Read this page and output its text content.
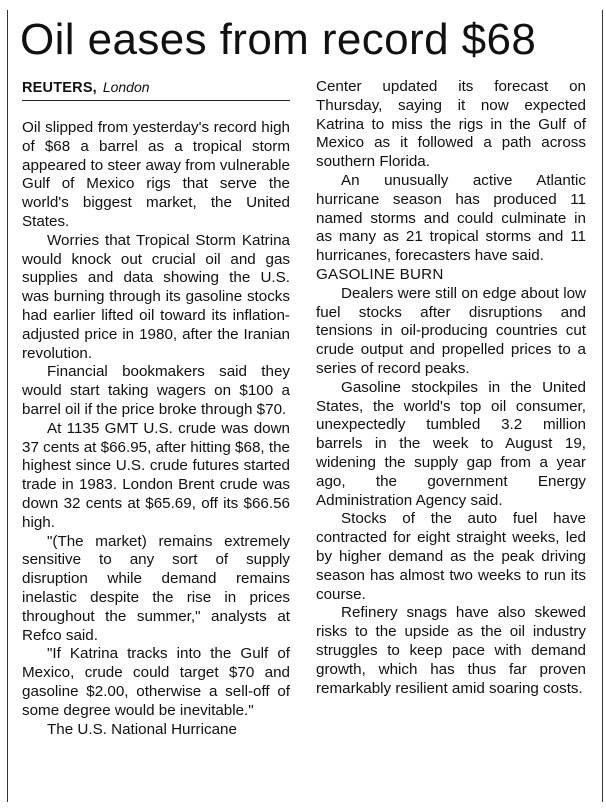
Oil eases from record $68
REUTERS, London

Oil slipped from yesterday's record high of $68 a barrel as a tropical storm appeared to steer away from vulnerable Gulf of Mexico rigs that serve the world's biggest market, the United States.

Worries that Tropical Storm Katrina would knock out crucial oil and gas supplies and data showing the U.S. was burning through its gasoline stocks had earlier lifted oil toward its inflation-adjusted price in 1980, after the Iranian revolution.

Financial bookmakers said they would start taking wagers on $100 a barrel oil if the price broke through $70.

At 1135 GMT U.S. crude was down 37 cents at $66.95, after hitting $68, the highest since U.S. crude futures started trade in 1983. London Brent crude was down 32 cents at $65.69, off its $66.56 high.

"(The market) remains extremely sensitive to any sort of supply disruption while demand remains inelastic despite the rise in prices throughout the summer," analysts at Refco said.

"If Katrina tracks into the Gulf of Mexico, crude could target $70 and gasoline $2.00, otherwise a sell-off of some degree would be inevitable."

The U.S. National Hurricane

Center updated its forecast on Thursday, saying it now expected Katrina to miss the rigs in the Gulf of Mexico as it followed a path across southern Florida.

An unusually active Atlantic hurricane season has produced 11 named storms and could culminate in as many as 21 tropical storms and 11 hurricanes, forecasters have said.

GASOLINE BURN

Dealers were still on edge about low fuel stocks after disruptions and tensions in oil-producing countries cut crude output and propelled prices to a series of record peaks.

Gasoline stockpiles in the United States, the world's top oil consumer, unexpectedly tumbled 3.2 million barrels in the week to August 19, widening the supply gap from a year ago, the government Energy Administration Agency said.

Stocks of the auto fuel have contracted for eight straight weeks, led by higher demand as the peak driving season has almost two weeks to run its course.

Refinery snags have also skewed risks to the upside as the oil industry struggles to keep pace with demand growth, which has thus far proven remarkably resilient amid soaring costs.
